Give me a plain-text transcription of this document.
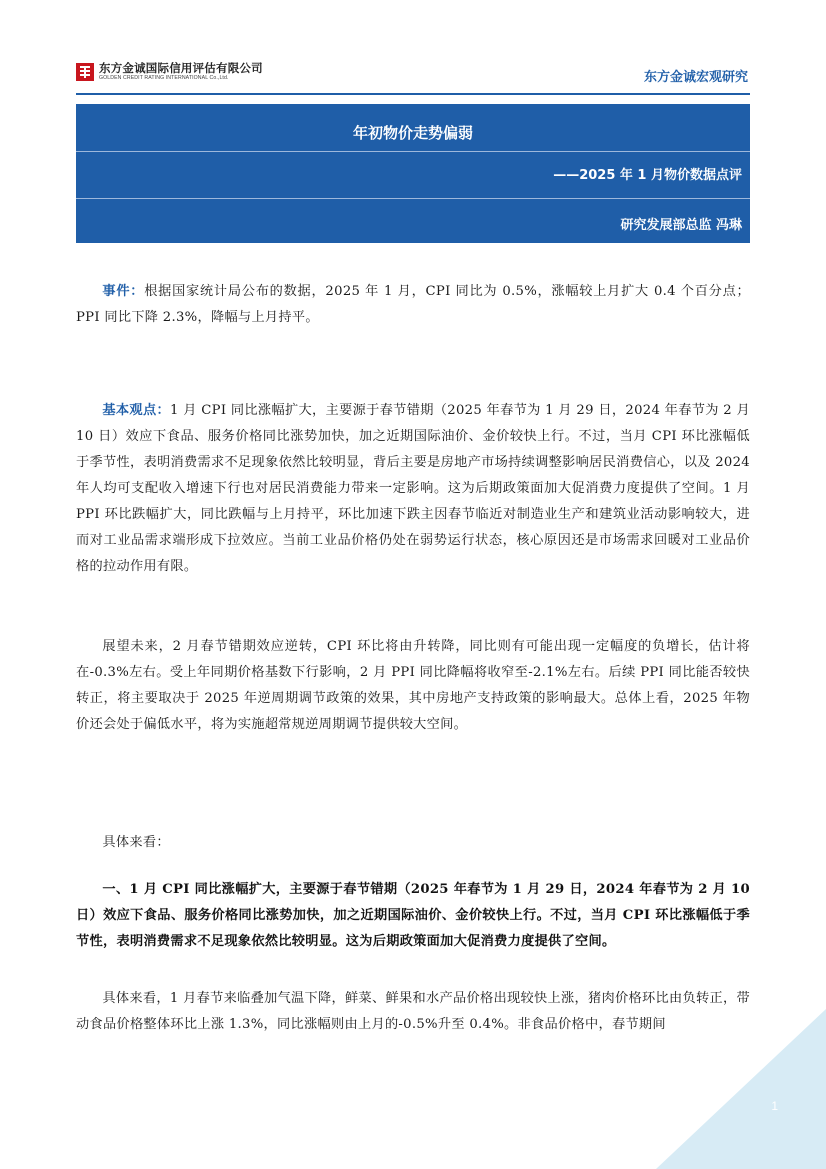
东方金诚国际信用评估有限公司
GOLDEN CREDIT RATING INTERNATIONAL Co.,Ltd.	东方金诚宏观研究
年初物价走势偏弱
——2025 年 1 月物价数据点评
研究发展部总监 冯琳

事件：根据国家统计局公布的数据，2025 年 1 月，CPI 同比为 0.5%，涨幅较上月扩大 0.4 个百分点；PPI 同比下降 2.3%，降幅与上月持平。

基本观点：1 月 CPI 同比涨幅扩大，主要源于春节错期（2025 年春节为 1 月 29 日，2024 年春节为 2 月 10 日）效应下食品、服务价格同比涨势加快，加之近期国际油价、金价较快上行。不过，当月 CPI 环比涨幅低于季节性，表明消费需求不足现象依然比较明显，背后主要是房地产市场持续调整影响居民消费信心，以及 2024 年人均可支配收入增速下行也对居民消费能力带来一定影响。这为后期政策面加大促消费力度提供了空间。1 月 PPI 环比跌幅扩大，同比跌幅与上月持平，环比加速下跌主因春节临近对制造业生产和建筑业活动影响较大，进而对工业品需求端形成下拉效应。当前工业品价格仍处在弱势运行状态，核心原因还是市场需求回暖对工业品价格的拉动作用有限。

展望未来，2 月春节错期效应逆转，CPI 环比将由升转降，同比则有可能出现一定幅度的负增长，估计将在-0.3%左右。受上年同期价格基数下行影响，2 月 PPI 同比降幅将收窄至-2.1%左右。后续 PPI 同比能否较快转正，将主要取决于 2025 年逆周期调节政策的效果，其中房地产支持政策的影响最大。总体上看，2025 年物价还会处于偏低水平，将为实施超常规逆周期调节提供较大空间。

具体来看：

一、1 月 CPI 同比涨幅扩大，主要源于春节错期（2025 年春节为 1 月 29 日，2024 年春节为 2 月 10 日）效应下食品、服务价格同比涨势加快，加之近期国际油价、金价较快上行。不过，当月 CPI 环比涨幅低于季节性，表明消费需求不足现象依然比较明显。这为后期政策面加大促消费力度提供了空间。

具体来看，1 月春节来临叠加气温下降，鲜菜、鲜果和水产品价格出现较快上涨，猪肉价格环比由负转正，带动食品价格整体环比上涨 1.3%，同比涨幅则由上月的-0.5%升至 0.4%。非食品价格中，春节期间

1
